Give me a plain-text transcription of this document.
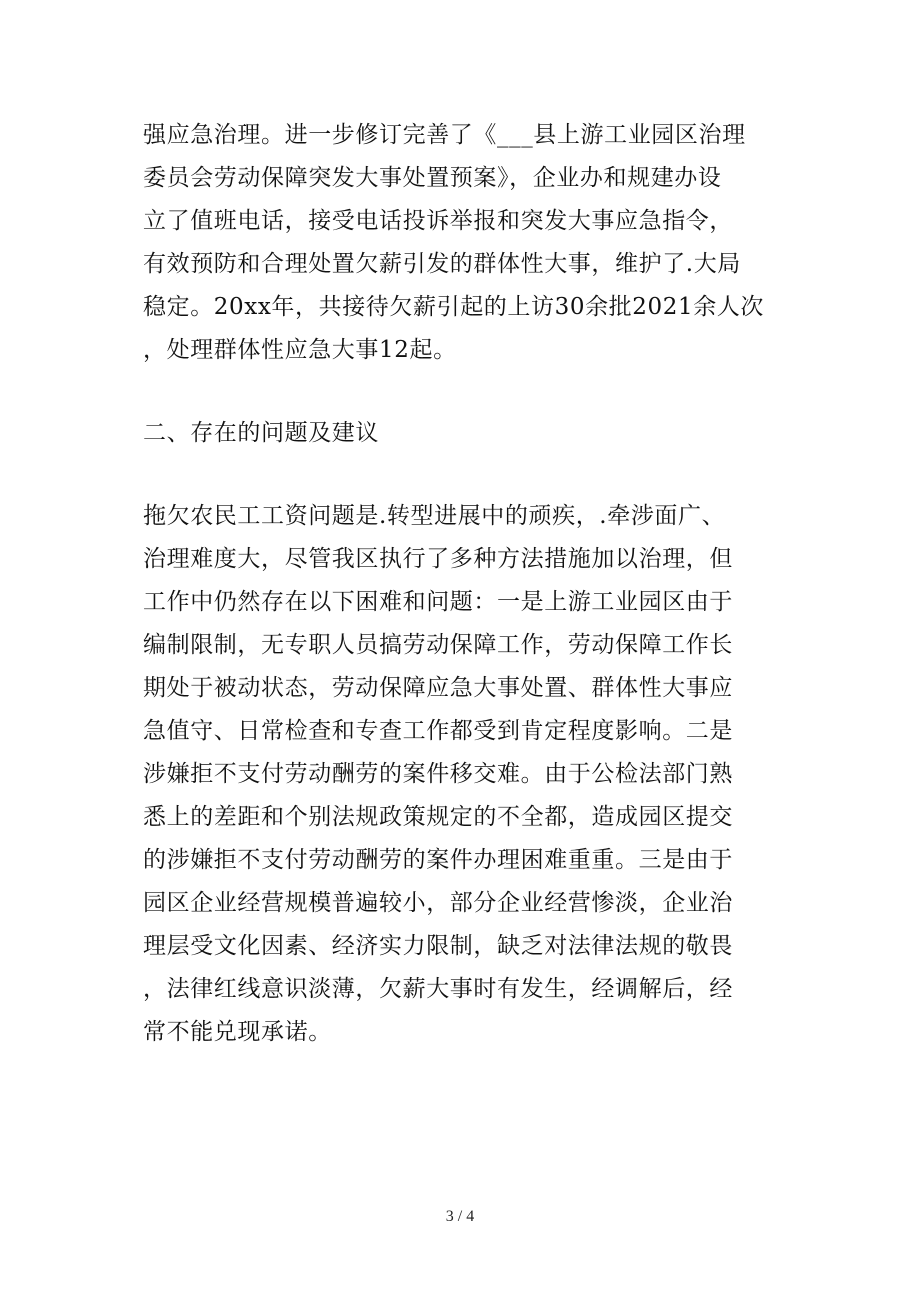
强应急治理。进一步修订完善了《___县上游工业园区治理
委员会劳动保障突发大事处置预案》，企业办和规建办设
立了值班电话，接受电话投诉举报和突发大事应急指令，
有效预防和合理处置欠薪引发的群体性大事，维护了.大局
稳定。20xx年，共接待欠薪引起的上访30余批2021余人次
，处理群体性应急大事12起。
二、存在的问题及建议
拖欠农民工工资问题是.转型进展中的顽疾，.牵涉面广、
治理难度大，尽管我区执行了多种方法措施加以治理，但
工作中仍然存在以下困难和问题：一是上游工业园区由于
编制限制，无专职人员搞劳动保障工作，劳动保障工作长
期处于被动状态，劳动保障应急大事处置、群体性大事应
急值守、日常检查和专查工作都受到肯定程度影响。二是
涉嫌拒不支付劳动酬劳的案件移交难。由于公检法部门熟
悉上的差距和个别法规政策规定的不全都，造成园区提交
的涉嫌拒不支付劳动酬劳的案件办理困难重重。三是由于
园区企业经营规模普遍较小，部分企业经营惨淡，企业治
理层受文化因素、经济实力限制，缺乏对法律法规的敬畏
，法律红线意识淡薄，欠薪大事时有发生，经调解后，经
常不能兑现承诺。
3 / 4
